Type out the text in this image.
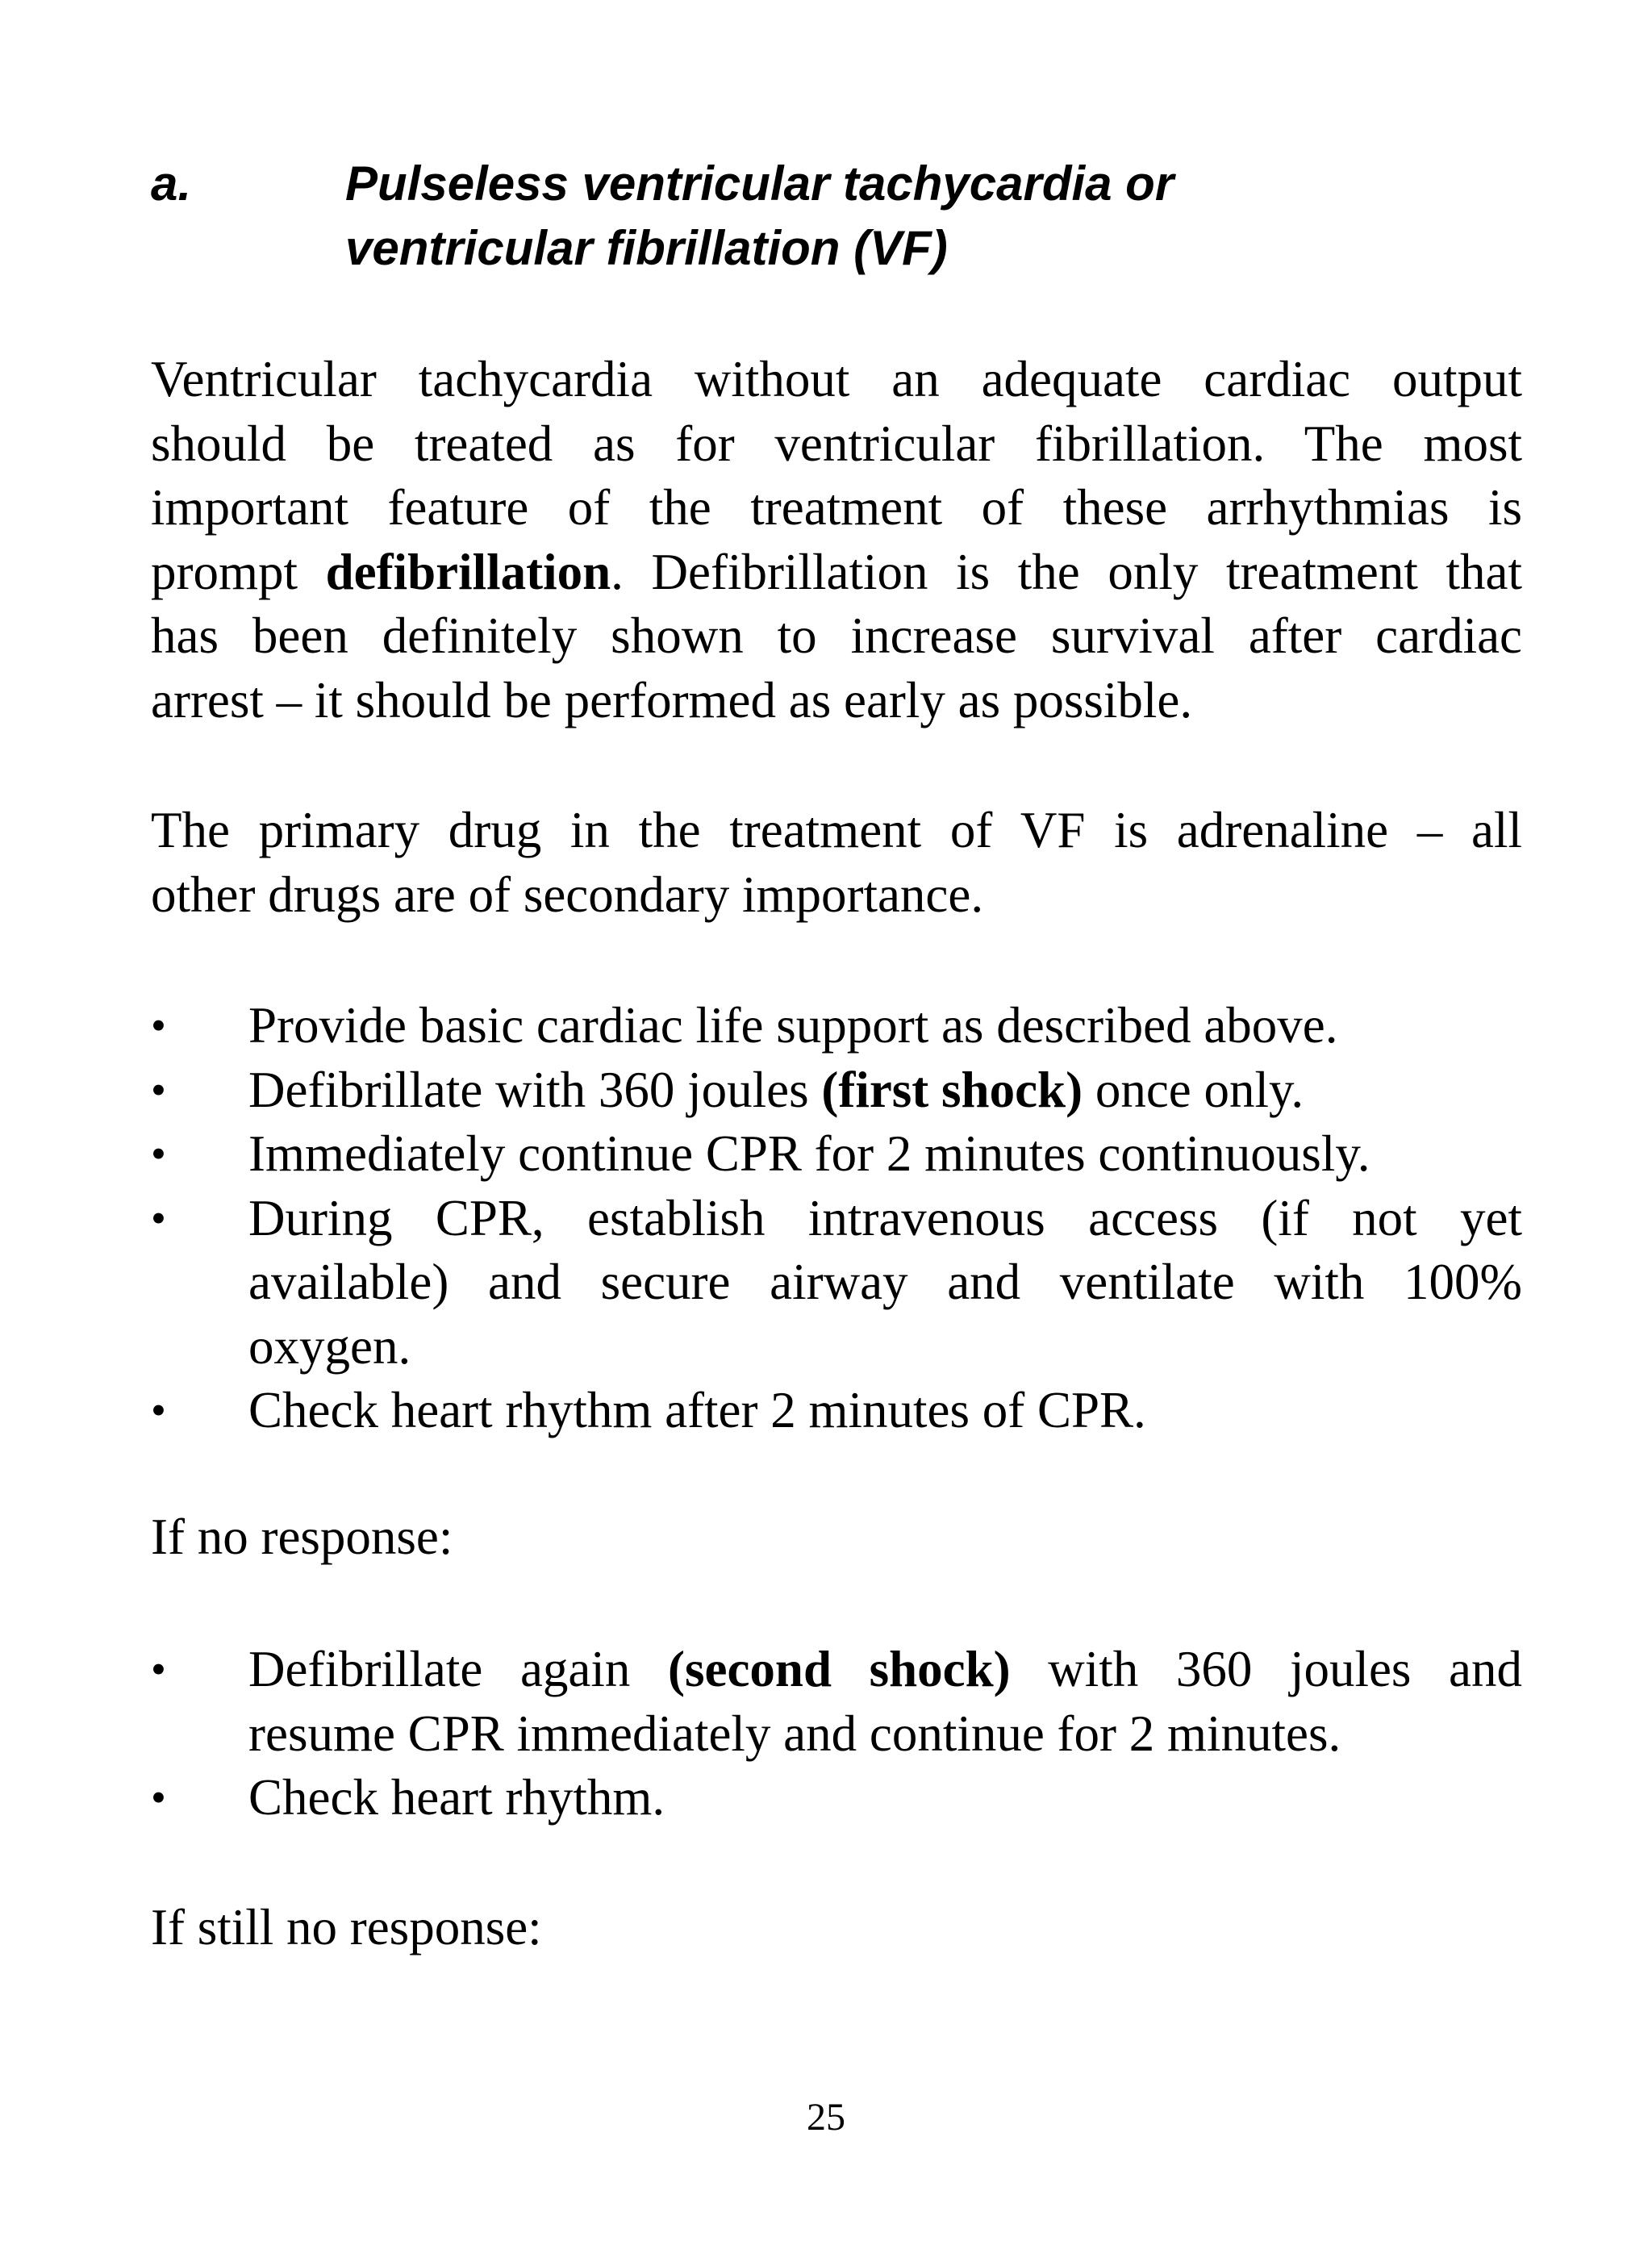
a.	Pulseless ventricular tachycardia or
ventricular fibrillation (VF)
Ventricular tachycardia without an adequate cardiac output
should be treated as for ventricular fibrillation. The most
important feature of the treatment of these arrhythmias is
prompt defibrillation. Defibrillation is the only treatment that
has been definitely shown to increase survival after cardiac
arrest – it should be performed as early as possible.
The primary drug in the treatment of VF is adrenaline – all
other drugs are of secondary importance.
• Provide basic cardiac life support as described above.
• Defibrillate with 360 joules (first shock) once only.
• Immediately continue CPR for 2 minutes continuously.
• During CPR, establish intravenous access (if not yet
available) and secure airway and ventilate with 100%
oxygen.
• Check heart rhythm after 2 minutes of CPR.
If no response:
• Defibrillate again (second shock) with 360 joules and
resume CPR immediately and continue for 2 minutes.
• Check heart rhythm.
If still no response:
25
